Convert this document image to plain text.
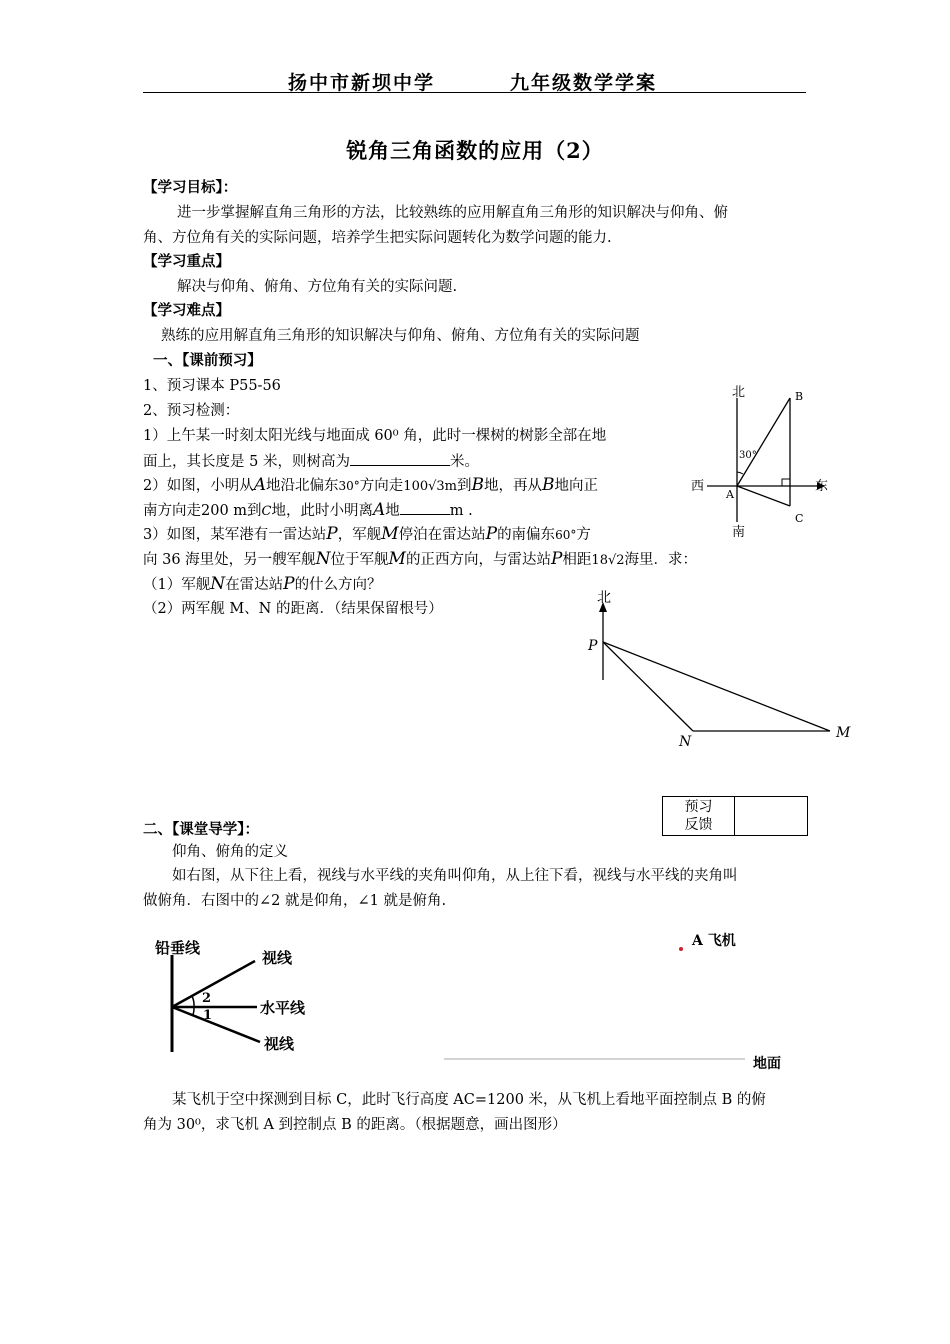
扬中市新坝中学	九年级数学学案
锐角三角函数的应用（2）
【学习目标】：
进一步掌握解直角三角形的方法，比较熟练的应用解直角三角形的知识解决与仰角、俯
角、方位角有关的实际问题，培养学生把实际问题转化为数学问题的能力.
【学习重点】
解决与仰角、俯角、方位角有关的实际问题.
【学习难点】
熟练的应用解直角三角形的知识解决与仰角、俯角、方位角有关的实际问题
一、【课前预习】
1、预习课本 P55-56
2、预习检测：
1）上午某一时刻太阳光线与地面成 60⁰ 角，此时一棵树的树影全部在地
面上，其长度是 5 米，则树高为	米。
2）如图，小明从A地沿北偏东30°方向走100√3m到B地，再从B地向正
南方向走200 m到C地，此时小明离A地	m .
3）如图，某军港有一雷达站P，军舰M停泊在雷达站P的南偏东60°方
向 36 海里处，另一艘军舰N位于军舰M的正西方向，与雷达站P相距18√2海里．求：
（1）军舰N在雷达站P的什么方向？
（2）两军舰 M、N 的距离．（结果保留根号）
北
南
西	东
A
B
C
30°
北
P
N
M
预习
反馈
二、【课堂导学】：
仰角、俯角的定义
如右图，从下往上看，视线与水平线的夹角叫仰角，从上往下看，视线与水平线的夹角叫
做俯角．右图中的∠2 就是仰角，∠1 就是俯角.
铅垂线
视线
水平线
视线
2
1
A 飞机
地面
某飞机于空中探测到目标 C，此时飞行高度 AC=1200 米，从飞机上看地平面控制点 B 的俯
角为 30⁰，求飞机 A 到控制点 B 的距离。（根据题意，画出图形）
